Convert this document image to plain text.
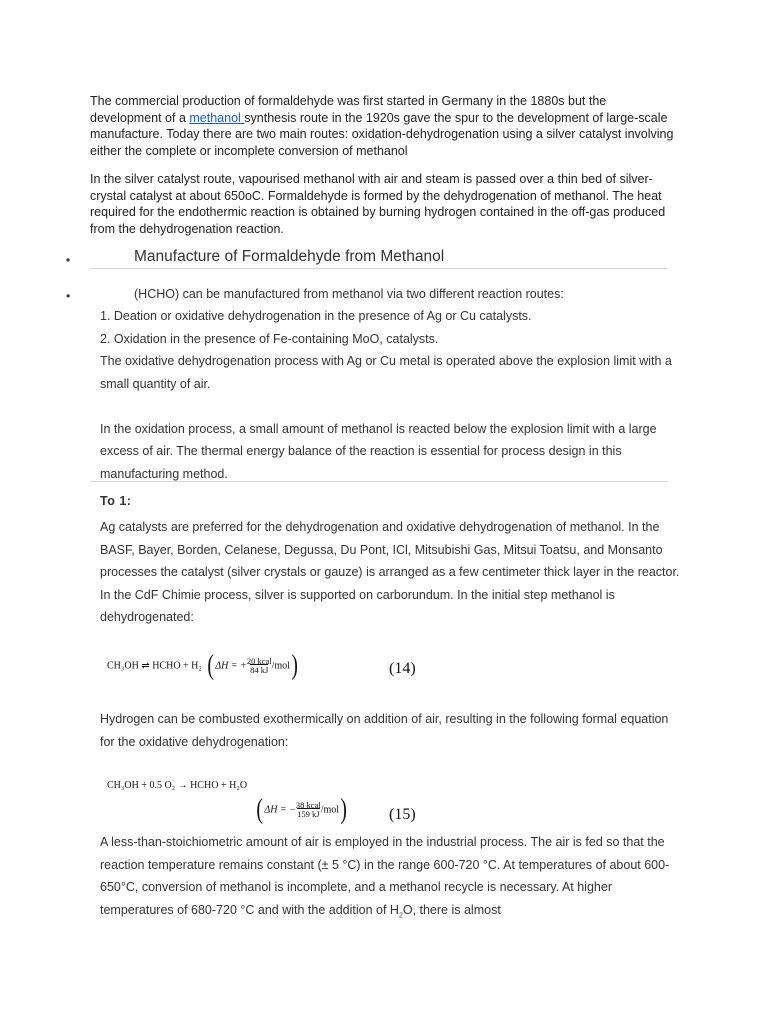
The commercial production of formaldehyde was first started in Germany in the 1880s but the development of a methanol synthesis route in the 1920s gave the spur to the development of large-scale manufacture. Today there are two main routes: oxidation-dehydrogenation using a silver catalyst involving either the complete or incomplete conversion of methanol
In the silver catalyst route, vapourised methanol with air and steam is passed over a thin bed of silver-crystal catalyst at about 650oC. Formaldehyde is formed by the dehydrogenation of methanol. The heat required for the endothermic reaction is obtained by burning hydrogen contained in the off-gas produced from the dehydrogenation reaction.
•	Manufacture of Formaldehyde from Methanol
•	(HCHO) can be manufactured from methanol via two different reaction routes:

1. Deation or oxidative dehydrogenation in the presence of Ag or Cu catalysts.

2. Oxidation in the presence of Fe-containing MoO, catalysts.

The oxidative dehydrogenation process with Ag or Cu metal is operated above the explosion limit with a small quantity of air.

In the oxidation process, a small amount of methanol is reacted below the explosion limit with a large excess of air. The thermal energy balance of the reaction is essential for process design in this manufacturing method.

To 1:
Ag catalysts are preferred for the dehydrogenation and oxidative dehydrogenation of methanol. In the BASF, Bayer, Borden, Celanese, Degussa, Du Pont, ICl, Mitsubishi Gas, Mitsui Toatsu, and Monsanto processes the catalyst (silver crystals or gauze) is arranged as a few centimeter thick layer in the reactor. In the CdF Chimie process, silver is supported on carborundum. In the initial step methanol is dehydrogenated:
CH₃OH ⇌ HCHO + H₂ $(\Delta H = +\frac{\text{20 kcal}}{84 kJ}/mol)$	(14)
Hydrogen can be combusted exothermically on addition of air, resulting in the following formal equation for the oxidative dehydrogenation:
CH₃OH + 0.5 O₂ → HCHO + H₂O
$(\Delta H = -\frac{\text{38 kcal}}{159 kJ}/mol)$	(15)
A less-than-stoichiometric amount of air is employed in the industrial process. The air is fed so that the reaction temperature remains constant (± 5 °C) in the range 600-720 °C. At temperatures of about 600-650°C, conversion of methanol is incomplete, and a methanol recycle is necessary. At higher temperatures of 680-720 °C and with the addition of $H_2O$, there is almost
